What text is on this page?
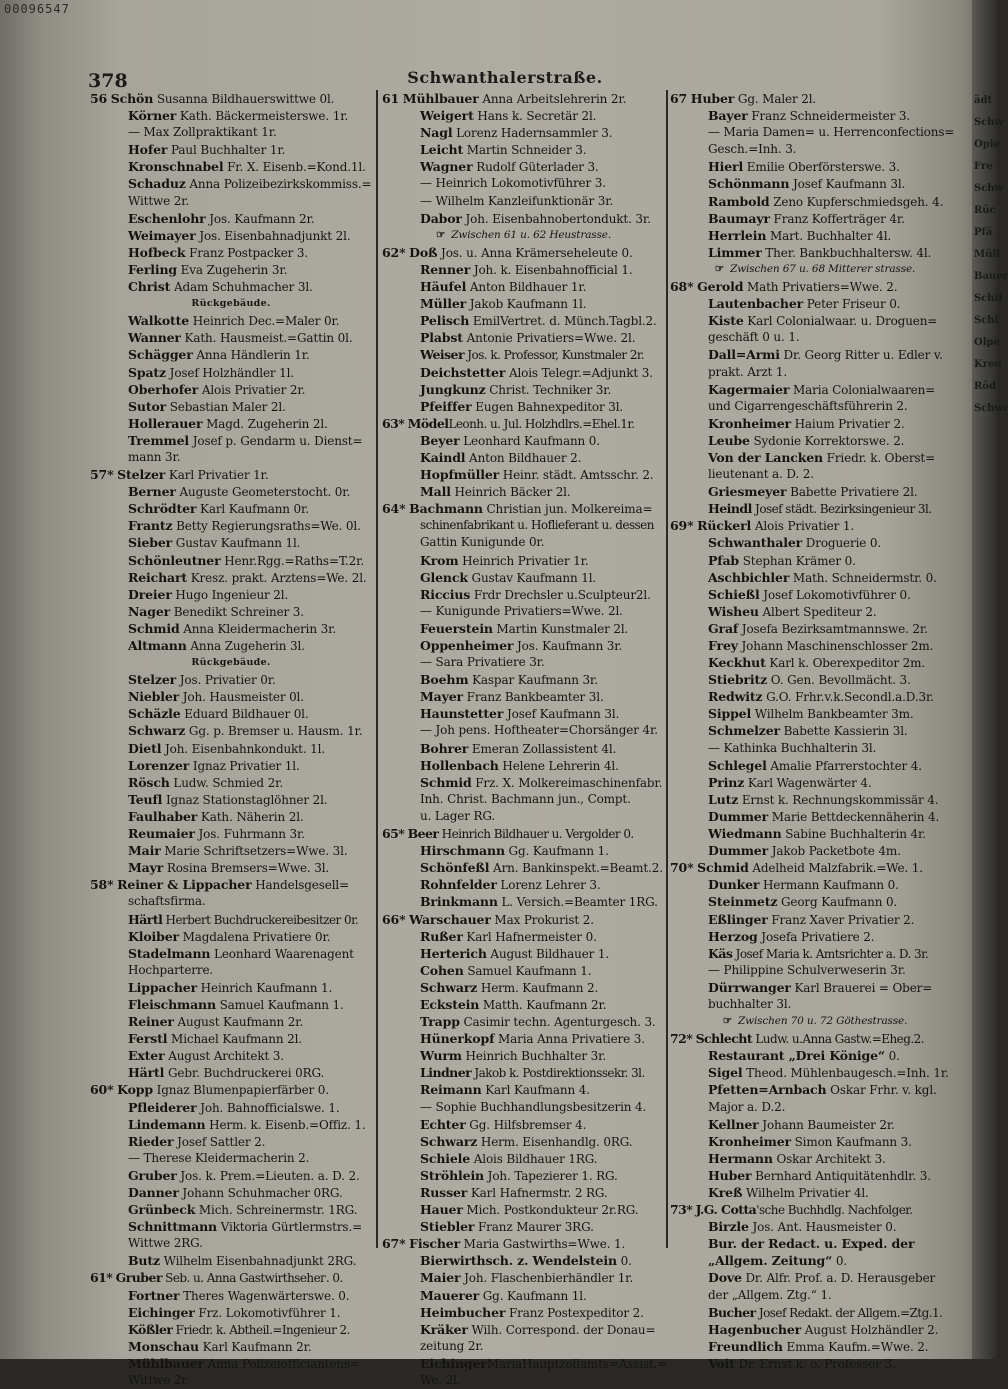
00096547
378	Schwanthalerstraße.
56 Schön Susanna Bildhauerswittwe 0l.
Körner Kath. Bäckermeisterswe. 1r.
— Max Zollpraktikant 1r.
Hofer Paul Buchhalter 1r.
Kronschnabel Fr. X. Eisenb.=Kond.1l.
Schaduz Anna Polizeibezirkskommiss.=
Wittwe 2r.
Eschenlohr Jos. Kaufmann 2r.
Weimayer Jos. Eisenbahnadjunkt 2l.
Hofbeck Franz Postpacker 3.
Ferling Eva Zugeherin 3r.
Christ Adam Schuhmacher 3l.
Rückgebäude.
Walkotte Heinrich Dec.=Maler 0r.
Wanner Kath. Hausmeist.=Gattin 0l.
Schägger Anna Händlerin 1r.
Spatz Josef Holzhändler 1l.
Oberhofer Alois Privatier 2r.
Sutor Sebastian Maler 2l.
Hollerauer Magd. Zugeherin 2l.
Tremmel Josef p. Gendarm u. Dienst=
mann 3r.
57* Stelzer Karl Privatier 1r.
Berner Auguste Geometerstocht. 0r.
Schrödter Karl Kaufmann 0r.
Frantz Betty Regierungsraths=We. 0l.
Sieber Gustav Kaufmann 1l.
Schönleutner Henr.Rgg.=Raths=T.2r.
Reichart Kresz. prakt. Arztens=We. 2l.
Dreier Hugo Ingenieur 2l.
Nager Benedikt Schreiner 3.
Schmid Anna Kleidermacherin 3r.
Altmann Anna Zugeherin 3l.
Rückgebäude.
Stelzer Jos. Privatier 0r.
Niebler Joh. Hausmeister 0l.
Schäzle Eduard Bildhauer 0l.
Schwarz Gg. p. Bremser u. Hausm. 1r.
Dietl Joh. Eisenbahnkondukt. 1l.
Lorenzer Ignaz Privatier 1l.
Rösch Ludw. Schmied 2r.
Teufl Ignaz Stationstaglöhner 2l.
Faulhaber Kath. Näherin 2l.
Reumaier Jos. Fuhrmann 3r.
Mair Marie Schriftsetzers=Wwe. 3l.
Mayr Rosina Bremsers=Wwe. 3l.
58* Reiner & Lippacher Handelsgesell=
schaftsfirma.
Härtl Herbert Buchdruckereibesitzer 0r.
Kloiber Magdalena Privatiere 0r.
Stadelmann Leonhard Waarenagent
Hochparterre.
Lippacher Heinrich Kaufmann 1.
Fleischmann Samuel Kaufmann 1.
Reiner August Kaufmann 2r.
Ferstl Michael Kaufmann 2l.
Exter August Architekt 3.
Härtl Gebr. Buchdruckerei 0RG.
60* Kopp Ignaz Blumenpapierfärber 0.
Pfleiderer Joh. Bahnofficialswe. 1.
Lindemann Herm. k. Eisenb.=Offiz. 1.
Rieder Josef Sattler 2.
— Therese Kleidermacherin 2.
Gruber Jos. k. Prem.=Lieuten. a. D. 2.
Danner Johann Schuhmacher 0RG.
Grünbeck Mich. Schreinermstr. 1RG.
Schnittmann Viktoria Gürtlermstrs.=
Wittwe 2RG.
Butz Wilhelm Eisenbahnadjunkt 2RG.
61* Gruber Seb. u. Anna Gastwirthsehег. 0.
Fortner Theres Wagenwärterswe. 0.
Eichinger Frz. Lokomotivführer 1.
Kößler Friedr. k. Abtheil.=Ingenieur 2.
Monschau Karl Kaufmann 2r.
Mühlbauer Anna Polizeiofficiantens=
Wittwe 2r.
61 Mühlbauer Anna Arbeitslehrerin 2r.
Weigert Hans k. Secretär 2l.
Nagl Lorenz Hadernsammler 3.
Leicht Martin Schneider 3.
Wagner Rudolf Güterlader 3.
— Heinrich Lokomotivführer 3.
— Wilhelm Kanzleifunktionär 3r.
Dabor Joh. Eisenbahnobertondukt. 3r.
☞ Zwischen 61 u. 62 Heustrasse.
62* Doß Jos. u. Anna Krämerseheleute 0.
Renner Joh. k. Eisenbahnofficial 1.
Häufel Anton Bildhauer 1r.
Müller Jakob Kaufmann 1l.
Pelisch EmilVertret. d. Münch.Tagbl.2.
Plabst Antonie Privatiers=Wwe. 2l.
Weiser Jos. k. Professor, Kunstmaler 2r.
Deichstetter Alois Telegr.=Adjunkt 3.
Jungkunz Christ. Techniker 3r.
Pfeiffer Eugen Bahnexpeditor 3l.
63* MödelLeonh. u. Jul. Holzhdlrs.=Ehel.1r.
Beyer Leonhard Kaufmann 0.
Kaindl Anton Bildhauer 2.
Hopfmüller Heinr. städt. Amtsschr. 2.
Mall Heinrich Bäcker 2l.
64* Bachmann Christian jun. Molkereima=
schinenfabrikant u. Hoflieferant u. dessen
Gattin Kunigunde 0r.
Krom Heinrich Privatier 1r.
Glenck Gustav Kaufmann 1l.
Riccius Frdr Drechsler u.Sculpteur2l.
— Kunigunde Privatiers=Wwe. 2l.
Feuerstein Martin Kunstmaler 2l.
Oppenheimer Jos. Kaufmann 3r.
— Sara Privatiere 3r.
Boehm Kaspar Kaufmann 3r.
Mayer Franz Bankbeamter 3l.
Haunstetter Josef Kaufmann 3l.
— Joh pens. Hoftheater=Chorsänger 4r.
Bohrer Emeran Zollassistent 4l.
Hollenbach Helene Lehrerin 4l.
Schmid Frz. X. Molkereimaschinenfabr.
Inh. Christ. Bachmann jun., Compt.
u. Lager RG.
65* Beer Heinrich Bildhauer u. Vergolder 0.
Hirschmann Gg. Kaufmann 1.
Schönfeßl Arn. Bankinspekt.=Beamt.2.
Rohnfelder Lorenz Lehrer 3.
Brinkmann L. Versich.=Beamter 1RG.
66* Warschauer Max Prokurist 2.
Rußer Karl Hafnermeister 0.
Herterich August Bildhauer 1.
Cohen Samuel Kaufmann 1.
Schwarz Herm. Kaufmann 2.
Eckstein Matth. Kaufmann 2r.
Trapp Casimir techn. Agenturgesch. 3.
Hünerkopf Maria Anna Privatiere 3.
Wurm Heinrich Buchhalter 3r.
Lindner Jakob k. Postdirektionssekr. 3l.
Reimann Karl Kaufmann 4.
— Sophie Buchhandlungsbesitzerin 4.
Echter Gg. Hilfsbremser 4.
Schwarz Herm. Eisenhandlg. 0RG.
Schiele Alois Bildhauer 1RG.
Ströhlein Joh. Tapezierer 1. RG.
Russer Karl Hafnermstr. 2 RG.
Hauer Mich. Postkondukteur 2r.RG.
Stiebler Franz Maurer 3RG.
67* Fischer Maria Gastwirths=Wwe. 1.
Bierwirthsch. z. Wendelstein 0.
Maier Joh. Flaschenbierhändler 1r.
Mauerer Gg. Kaufmann 1l.
Heimbucher Franz Postexpeditor 2.
Kräker Wilh. Correspond. der Donau=
zeitung 2r.
EichingerMariaHauptzollamts=Assist.=
We. 2l.
67 Huber Gg. Maler 2l.
Bayer Franz Schneidermeister 3.
— Maria Damen= u. Herrenconfections=
Gesch.=Inh. 3.
Hierl Emilie Oberförsterswe. 3.
Schönmann Josef Kaufmann 3l.
Rambold Zeno Kupferschmiedsgeh. 4.
Baumayr Franz Kofferträger 4r.
Herrlein Mart. Buchhalter 4l.
Limmer Ther. Bankbuchhaltersw. 4l.
☞ Zwischen 67 u. 68 Mitterer strasse.
68* Gerold Math Privatiers=Wwe. 2.
Lautenbacher Peter Friseur 0.
Kiste Karl Colonialwaar. u. Droguen=
geschäft 0 u. 1.
Dall=Armi Dr. Georg Ritter u. Edler v.
prakt. Arzt 1.
Kagermaier Maria Colonialwaaren=
und Cigarrengeschäftsführerin 2.
Kronheimer Haium Privatier 2.
Leube Sydonie Korrektorswe. 2.
Von der Lancken Friedr. k. Oberst=
lieutenant a. D. 2.
Griesmeyer Babette Privatiere 2l.
Heindl Josef städt. Bezirksingenieur 3l.
69* Rückerl Alois Privatier 1.
Schwanthaler Droguerie 0.
Pfab Stephan Krämer 0.
Aschbichler Math. Schneidermstr. 0.
Schießl Josef Lokomotivführer 0.
Wisheu Albert Spediteur 2.
Graf Josefa Bezirksamtmannswe. 2r.
Frey Johann Maschinenschlosser 2m.
Keckhut Karl k. Oberexpeditor 2m.
Stiebritz O. Gen. Bevollmächt. 3.
Redwitz G.O. Frhr.v.k.Secondl.a.D.3r.
Sippel Wilhelm Bankbeamter 3m.
Schmelzer Babette Kassierin 3l.
— Kathinka Buchhalterin 3l.
Schlegel Amalie Pfarrerstochter 4.
Prinz Karl Wagenwärter 4.
Lutz Ernst k. Rechnungskommissär 4.
Dummer Marie Bettdeckennäherin 4.
Wiedmann Sabine Buchhalterin 4r.
Dummer Jakob Packetbote 4m.
70* Schmid Adelheid Malzfabrik.=We. 1.
Dunker Hermann Kaufmann 0.
Steinmetz Georg Kaufmann 0.
Eßlinger Franz Xaver Privatier 2.
Herzog Josefa Privatiere 2.
Käs Josef Maria k. Amtsrichter a. D. 3r.
— Philippine Schulverweserin 3r.
Dürrwanger Karl Brauerei = Ober=
buchhalter 3l.
☞ Zwischen 70 u. 72 Göthestrasse.
72* Schlecht Ludw. u.Anna Gastw.=Ehеg.2.
Restaurant „Drei Könige“ 0.
Sigel Theod. Mühlenbaugesch.=Inh. 1r.
Pfetten=Arnbach Oskar Frhr. v. kgl.
Major a. D.2.
Kellner Johann Baumeister 2r.
Kronheimer Simon Kaufmann 3.
Hermann Oskar Architekt 3.
Huber Bernhard Antiquitätenhdlr. 3.
Kreß Wilhelm Privatier 4l.
73* J.G. Cotta'sche Buchhdlg. Nachfolger.
Birzle Jos. Ant. Hausmeister 0.
Bur. der Redact. u. Exped. der
„Allgem. Zeitung“ 0.
Dove Dr. Alfr. Prof. a. D. Herausgeber
der „Allgem. Ztg.“ 1.
Bucher Josef Redakt. der Allgem.=Ztg.1.
Hagenbucher August Holzhändler 2.
Freundlich Emma Kaufm.=Wwe. 2.
Voit Dr. Ernst k. o. Professor 3.
ädt
Schw
Opie
Fre
Schw
Rüc
Pfä
Müll
Bauer
Schil
Schi
Olpe
Kreu
Röd
Schwr
